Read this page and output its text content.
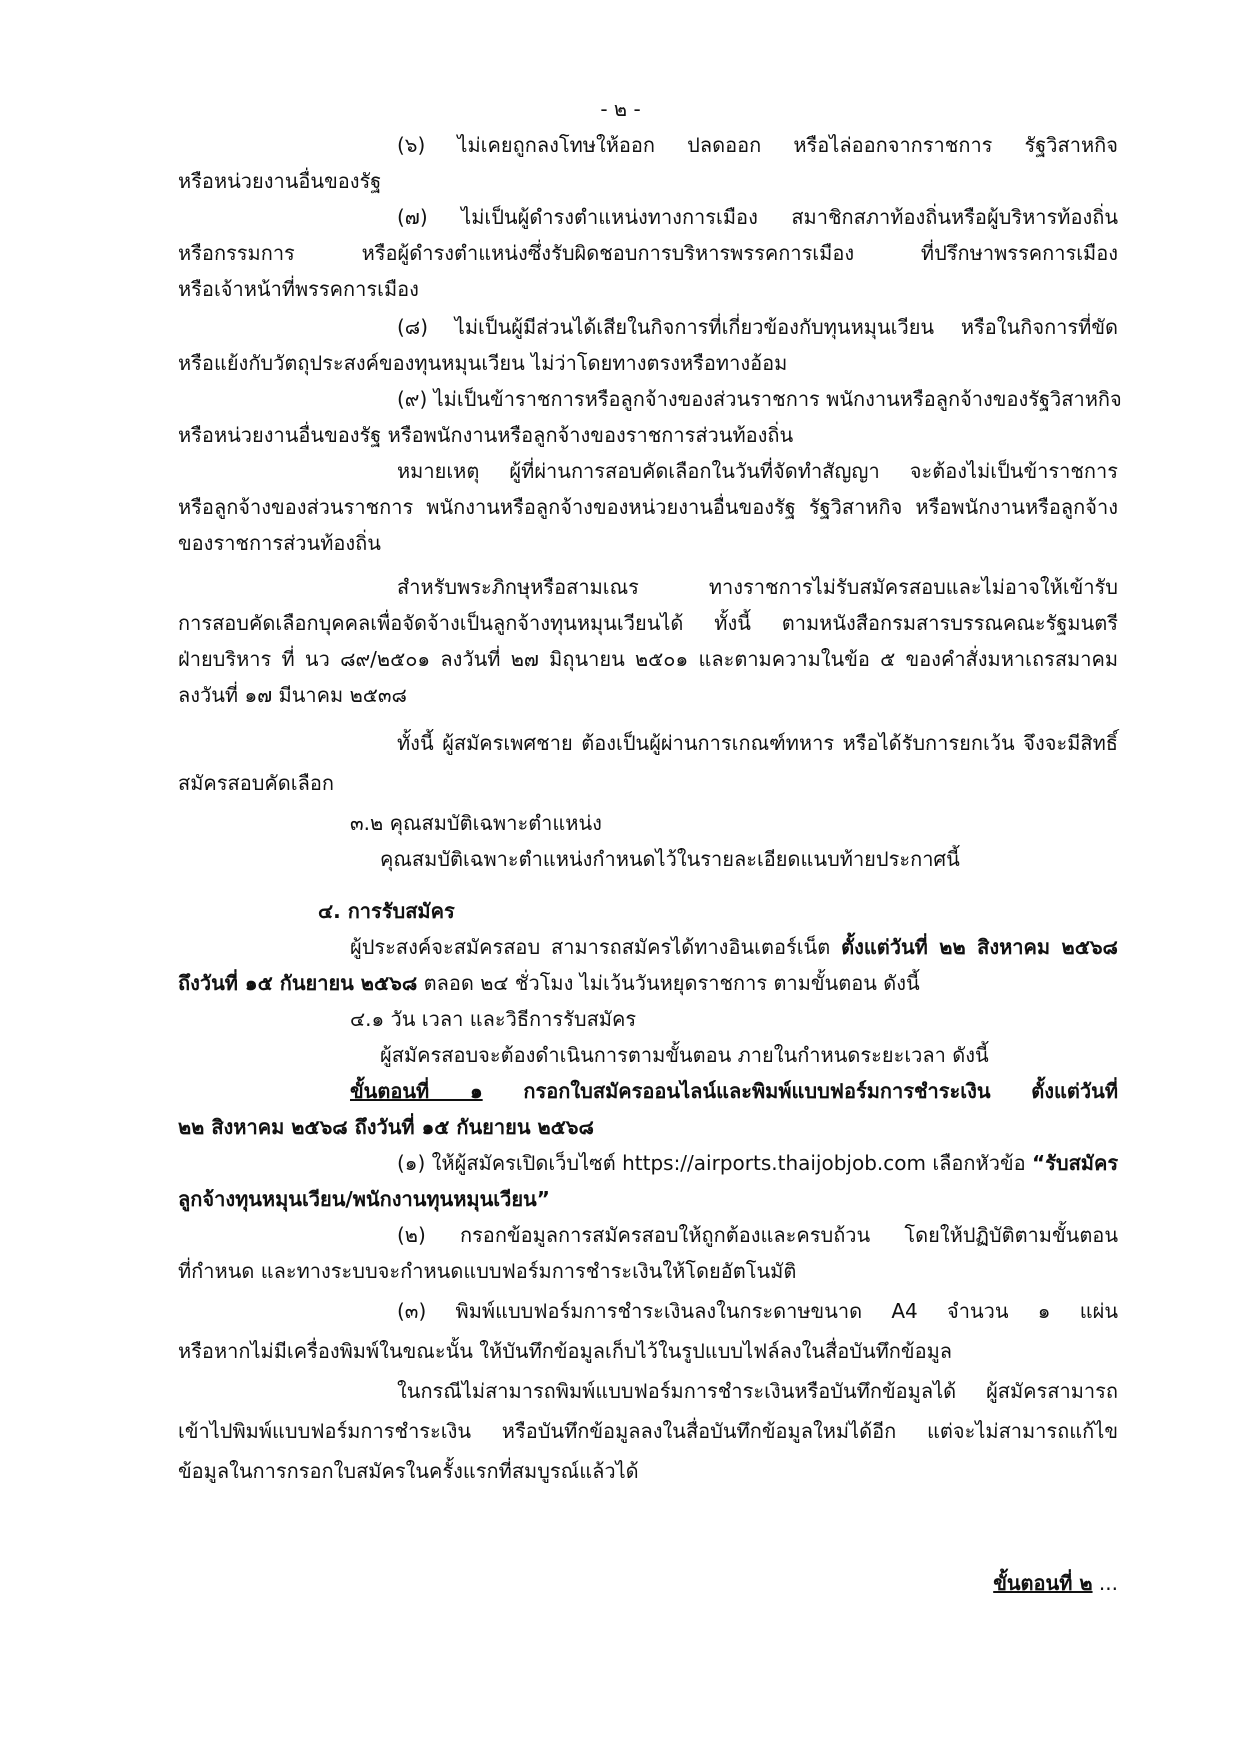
- ๒ -
(๖) ไม่เคยถูกลงโทษให้ออก ปลดออก หรือไล่ออกจากราชการ รัฐวิสาหกิจ
หรือหน่วยงานอื่นของรัฐ
(๗) ไม่เป็นผู้ดำรงตำแหน่งทางการเมือง สมาชิกสภาท้องถิ่นหรือผู้บริหารท้องถิ่น
หรือกรรมการ หรือผู้ดำรงตำแหน่งซึ่งรับผิดชอบการบริหารพรรคการเมือง ที่ปรึกษาพรรคการเมือง
หรือเจ้าหน้าที่พรรคการเมือง
(๘) ไม่เป็นผู้มีส่วนได้เสียในกิจการที่เกี่ยวข้องกับทุนหมุนเวียน หรือในกิจการที่ขัด
หรือแย้งกับวัตถุประสงค์ของทุนหมุนเวียน ไม่ว่าโดยทางตรงหรือทางอ้อม
(๙) ไม่เป็นข้าราชการหรือลูกจ้างของส่วนราชการ พนักงานหรือลูกจ้างของรัฐวิสาหกิจ
หรือหน่วยงานอื่นของรัฐ หรือพนักงานหรือลูกจ้างของราชการส่วนท้องถิ่น
หมายเหตุ ผู้ที่ผ่านการสอบคัดเลือกในวันที่จัดทำสัญญา จะต้องไม่เป็นข้าราชการ
หรือลูกจ้างของส่วนราชการ พนักงานหรือลูกจ้างของหน่วยงานอื่นของรัฐ รัฐวิสาหกิจ หรือพนักงานหรือลูกจ้าง
ของราชการส่วนท้องถิ่น
สำหรับพระภิกษุหรือสามเณร ทางราชการไม่รับสมัครสอบและไม่อาจให้เข้ารับ
การสอบคัดเลือกบุคคลเพื่อจัดจ้างเป็นลูกจ้างทุนหมุนเวียนได้ ทั้งนี้ ตามหนังสือกรมสารบรรณคณะรัฐมนตรี
ฝ่ายบริหาร ที่ นว ๘๙/๒๕๐๑ ลงวันที่ ๒๗ มิถุนายน ๒๕๐๑ และตามความในข้อ ๕ ของคำสั่งมหาเถรสมาคม
ลงวันที่ ๑๗ มีนาคม ๒๕๓๘
ทั้งนี้ ผู้สมัครเพศชาย ต้องเป็นผู้ผ่านการเกณฑ์ทหาร หรือได้รับการยกเว้น จึงจะมีสิทธิ์
สมัครสอบคัดเลือก
๓.๒ คุณสมบัติเฉพาะตำแหน่ง
คุณสมบัติเฉพาะตำแหน่งกำหนดไว้ในรายละเอียดแนบท้ายประกาศนี้
๔. การรับสมัคร
ผู้ประสงค์จะสมัครสอบ สามารถสมัครได้ทางอินเตอร์เน็ต ตั้งแต่วันที่ ๒๒ สิงหาคม ๒๕๖๘
ถึงวันที่ ๑๕ กันยายน ๒๕๖๘ ตลอด ๒๔ ชั่วโมง ไม่เว้นวันหยุดราชการ ตามขั้นตอน ดังนี้
๔.๑ วัน เวลา และวิธีการรับสมัคร
ผู้สมัครสอบจะต้องดำเนินการตามขั้นตอน ภายในกำหนดระยะเวลา ดังนี้
ขั้นตอนที่ ๑ กรอกใบสมัครออนไลน์และพิมพ์แบบฟอร์มการชำระเงิน ตั้งแต่วันที่
๒๒ สิงหาคม ๒๕๖๘ ถึงวันที่ ๑๕ กันยายน ๒๕๖๘
(๑) ให้ผู้สมัครเปิดเว็บไซต์ https://airports.thaijobjob.com เลือกหัวข้อ “รับสมัคร
ลูกจ้างทุนหมุนเวียน/พนักงานทุนหมุนเวียน”
(๒) กรอกข้อมูลการสมัครสอบให้ถูกต้องและครบถ้วน โดยให้ปฏิบัติตามขั้นตอน
ที่กำหนด และทางระบบจะกำหนดแบบฟอร์มการชำระเงินให้โดยอัตโนมัติ
(๓) พิมพ์แบบฟอร์มการชำระเงินลงในกระดาษขนาด A4 จำนวน ๑ แผ่น
หรือหากไม่มีเครื่องพิมพ์ในขณะนั้น ให้บันทึกข้อมูลเก็บไว้ในรูปแบบไฟล์ลงในสื่อบันทึกข้อมูล
ในกรณีไม่สามารถพิมพ์แบบฟอร์มการชำระเงินหรือบันทึกข้อมูลได้ ผู้สมัครสามารถ
เข้าไปพิมพ์แบบฟอร์มการชำระเงิน หรือบันทึกข้อมูลลงในสื่อบันทึกข้อมูลใหม่ได้อีก แต่จะไม่สามารถแก้ไข
ข้อมูลในการกรอกใบสมัครในครั้งแรกที่สมบูรณ์แล้วได้
ขั้นตอนที่ ๒ ...
